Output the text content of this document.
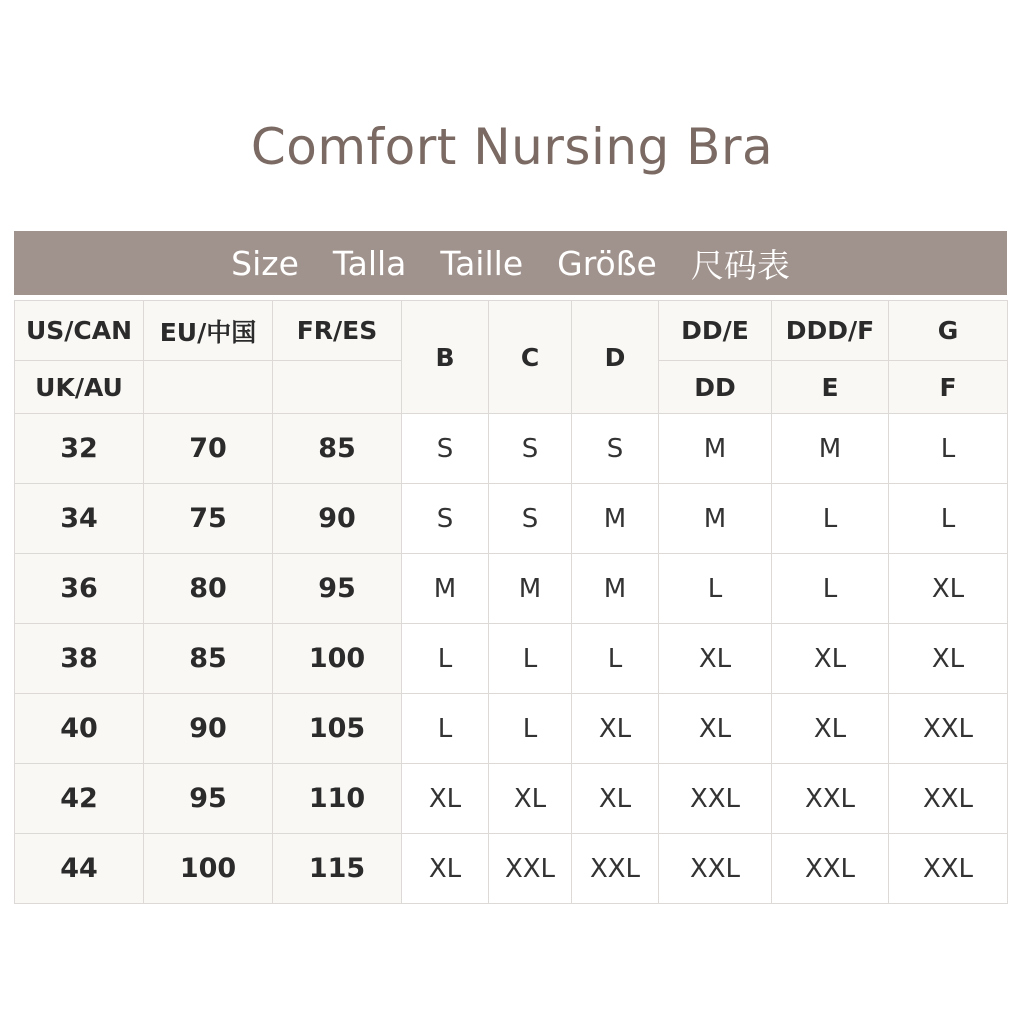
Comfort Nursing Bra
Size Talla Taille Größe 尺码表
US/CAN	EU/中国	FR/ES	B	C	D	DD/E	DDD/F	G
UK/AU						DD	E	F
32	70	85	S	S	S	M	M	L
34	75	90	S	S	M	M	L	L
36	80	95	M	M	M	L	L	XL
38	85	100	L	L	L	XL	XL	XL
40	90	105	L	L	XL	XL	XL	XXL
42	95	110	XL	XL	XL	XXL	XXL	XXL
44	100	115	XL	XXL	XXL	XXL	XXL	XXL
